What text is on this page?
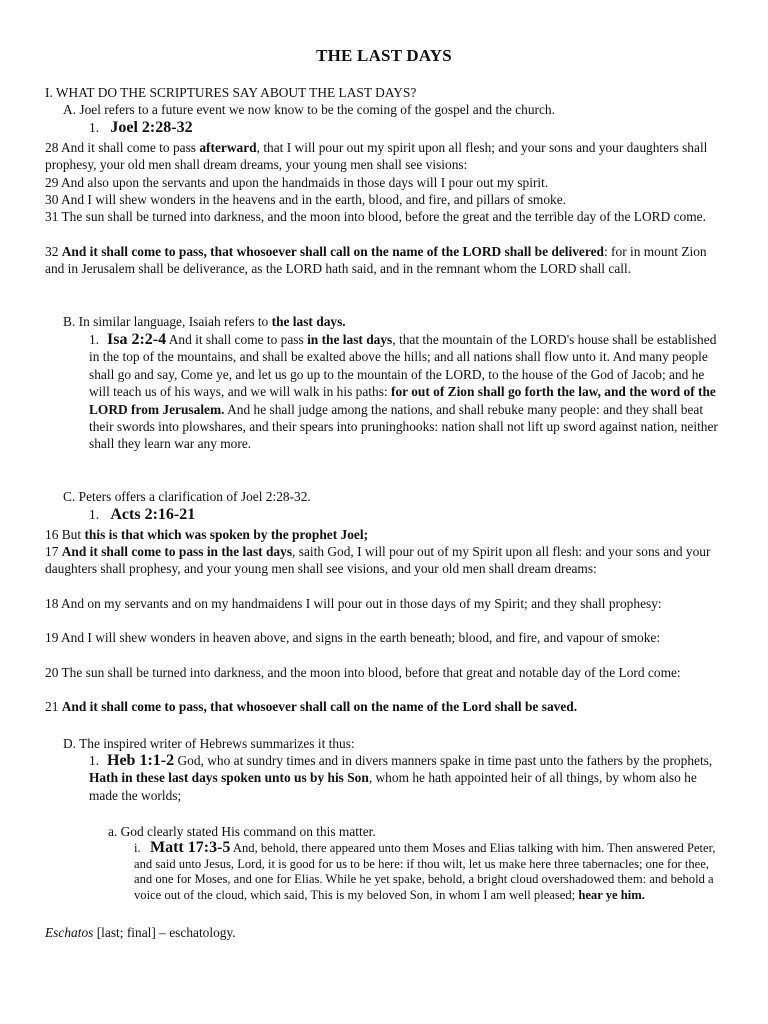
THE LAST DAYS
I. WHAT DO THE SCRIPTURES SAY ABOUT THE LAST DAYS?
A. Joel refers to a future event we now know to be the coming of the gospel and the church.
1. Joel 2:28-32
28 And it shall come to pass afterward, that I will pour out my spirit upon all flesh; and your sons and your daughters shall prophesy, your old men shall dream dreams, your young men shall see visions:
29 And also upon the servants and upon the handmaids in those days will I pour out my spirit.
30 And I will shew wonders in the heavens and in the earth, blood, and fire, and pillars of smoke.
31 The sun shall be turned into darkness, and the moon into blood, before the great and the terrible day of the LORD come.
32 And it shall come to pass, that whosoever shall call on the name of the LORD shall be delivered: for in mount Zion and in Jerusalem shall be deliverance, as the LORD hath said, and in the remnant whom the LORD shall call.
B. In similar language, Isaiah refers to the last days.
1. Isa 2:2-4 And it shall come to pass in the last days, that the mountain of the LORD's house shall be established in the top of the mountains, and shall be exalted above the hills; and all nations shall flow unto it. And many people shall go and say, Come ye, and let us go up to the mountain of the LORD, to the house of the God of Jacob; and he will teach us of his ways, and we will walk in his paths: for out of Zion shall go forth the law, and the word of the LORD from Jerusalem. And he shall judge among the nations, and shall rebuke many people: and they shall beat their swords into plowshares, and their spears into pruninghooks: nation shall not lift up sword against nation, neither shall they learn war any more.
C. Peters offers a clarification of Joel 2:28-32.
1. Acts 2:16-21
16 But this is that which was spoken by the prophet Joel;
17 And it shall come to pass in the last days, saith God, I will pour out of my Spirit upon all flesh: and your sons and your daughters shall prophesy, and your young men shall see visions, and your old men shall dream dreams:
18 And on my servants and on my handmaidens I will pour out in those days of my Spirit; and they shall prophesy:
19 And I will shew wonders in heaven above, and signs in the earth beneath; blood, and fire, and vapour of smoke:
20 The sun shall be turned into darkness, and the moon into blood, before that great and notable day of the Lord come:
21 And it shall come to pass, that whosoever shall call on the name of the Lord shall be saved.
D. The inspired writer of Hebrews summarizes it thus:
1. Heb 1:1-2 God, who at sundry times and in divers manners spake in time past unto the fathers by the prophets, Hath in these last days spoken unto us by his Son, whom he hath appointed heir of all things, by whom also he made the worlds;
a. God clearly stated His command on this matter.
i. Matt 17:3-5 And, behold, there appeared unto them Moses and Elias talking with him. Then answered Peter, and said unto Jesus, Lord, it is good for us to be here: if thou wilt, let us make here three tabernacles; one for thee, and one for Moses, and one for Elias. While he yet spake, behold, a bright cloud overshadowed them: and behold a voice out of the cloud, which said, This is my beloved Son, in whom I am well pleased; hear ye him.
Eschatos [last; final] – eschatology.
